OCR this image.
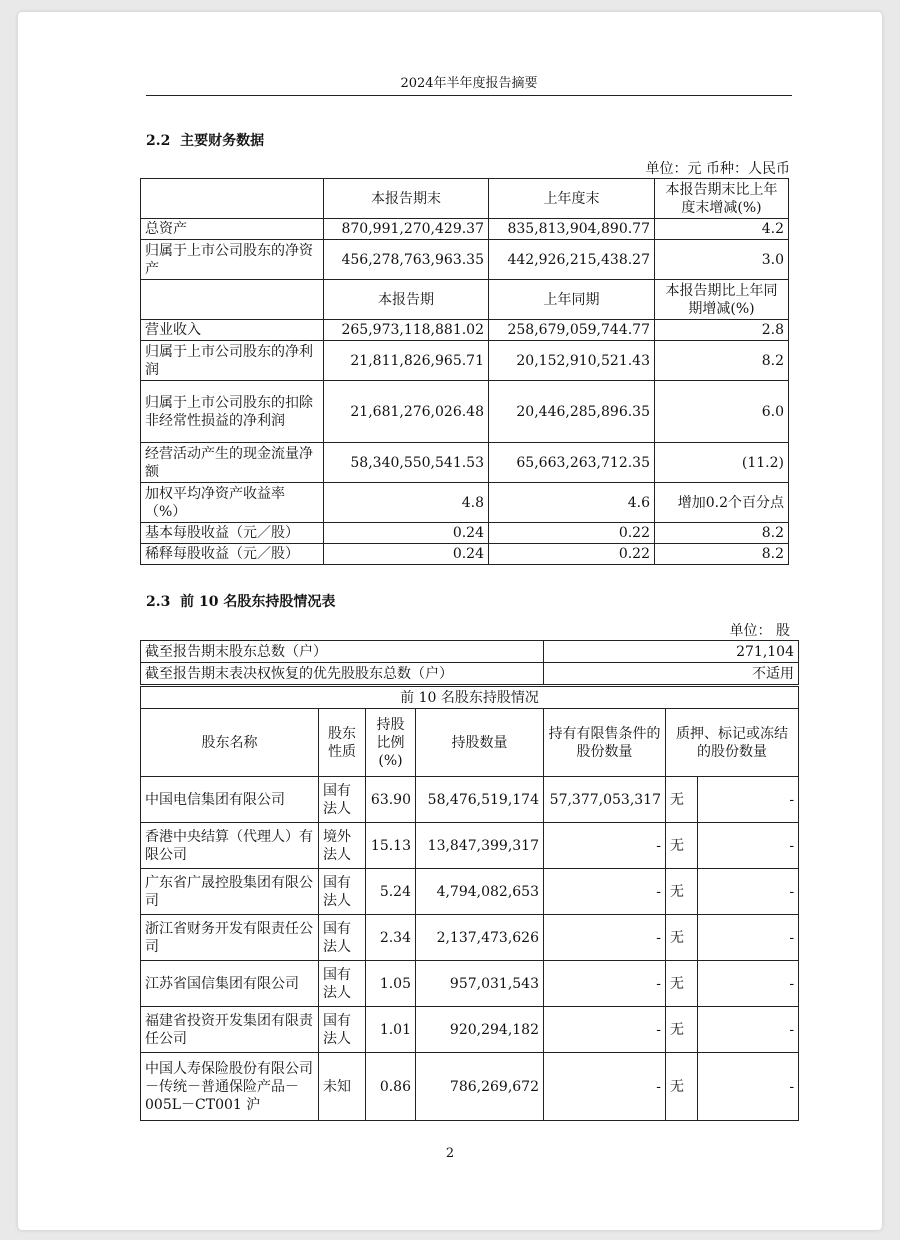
2024年半年度报告摘要
2.2 主要财务数据
单位：元 币种：人民币
	本报告期末	上年度末	本报告期末比上年度末增减(%)
总资产	870,991,270,429.37	835,813,904,890.77	4.2
归属于上市公司股东的净资产	456,278,763,963.35	442,926,215,438.27	3.0
	本报告期	上年同期	本报告期比上年同期增减(%)
营业收入	265,973,118,881.02	258,679,059,744.77	2.8
归属于上市公司股东的净利润	21,811,826,965.71	20,152,910,521.43	8.2
归属于上市公司股东的扣除非经常性损益的净利润	21,681,276,026.48	20,446,285,896.35	6.0
经营活动产生的现金流量净额	58,340,550,541.53	65,663,263,712.35	(11.2)
加权平均净资产收益率（%）	4.8	4.6	增加0.2个百分点
基本每股收益（元／股）	0.24	0.22	8.2
稀释每股收益（元／股）	0.24	0.22	8.2
2.3 前 10 名股东持股情况表
单位： 股
截至报告期末股东总数（户）	271,104
截至报告期末表决权恢复的优先股股东总数（户）	不适用
前 10 名股东持股情况						
股东名称	股东性质	持股比例(%)	持股数量	持有有限售条件的股份数量	质押、标记或冻结的股份数量	
中国电信集团有限公司	国有法人	63.90	58,476,519,174	57,377,053,317	无	-
香港中央结算（代理人）有限公司	境外法人	15.13	13,847,399,317	-	无	-
广东省广晟控股集团有限公司	国有法人	5.24	4,794,082,653	-	无	-
浙江省财务开发有限责任公司	国有法人	2.34	2,137,473,626	-	无	-
江苏省国信集团有限公司	国有法人	1.05	957,031,543	-	无	-
福建省投资开发集团有限责任公司	国有法人	1.01	920,294,182	-	无	-
中国人寿保险股份有限公司－传统－普通保险产品－005L－CT001 沪	未知	0.86	786,269,672	-	无	-
2
